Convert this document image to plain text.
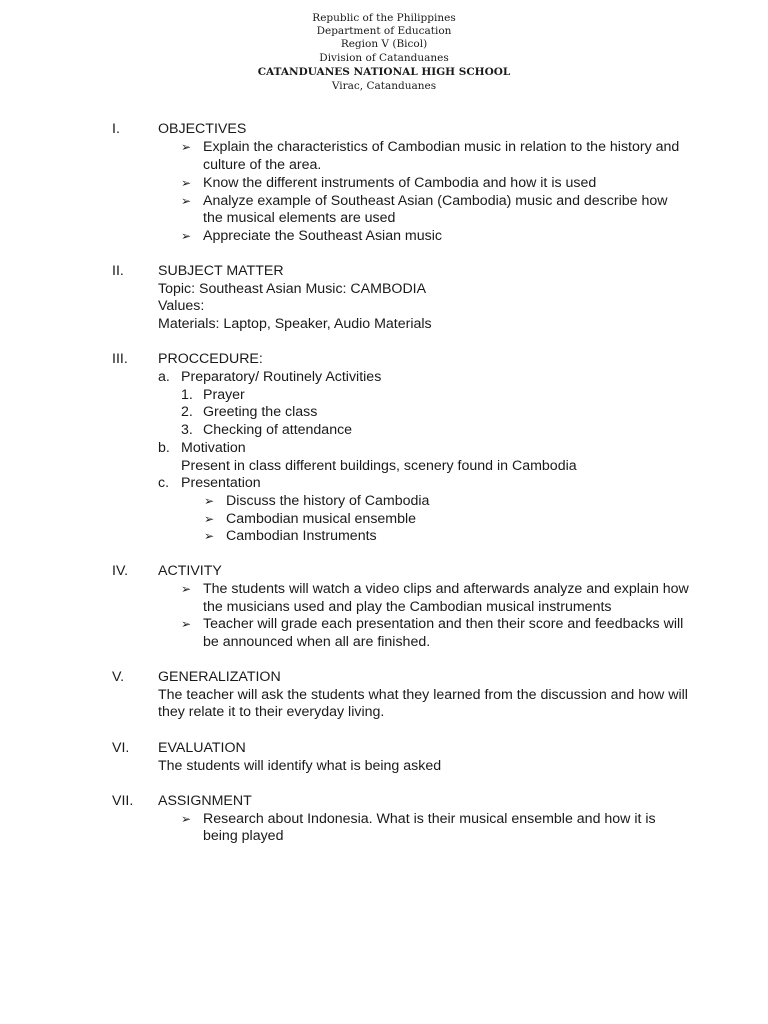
Republic of the Philippines
Department of Education
Region V (Bicol)
Division of Catanduanes
CATANDUANES NATIONAL HIGH SCHOOL
Virac, Catanduanes
I.	OBJECTIVES
➢ Explain the characteristics of Cambodian music in relation to the history and
culture of the area.
➢ Know the different instruments of Cambodia and how it is used
➢ Analyze example of Southeast Asian (Cambodia) music and describe how
the musical elements are used
➢ Appreciate the Southeast Asian music
II. SUBJECT MATTER
Topic: Southeast Asian Music: CAMBODIA
Values:
Materials: Laptop, Speaker, Audio Materials
III. PROCCEDURE:
a. Preparatory/ Routinely Activities
1. Prayer
2. Greeting the class
3. Checking of attendance
b. Motivation
Present in class different buildings, scenery found in Cambodia
c. Presentation
➢ Discuss the history of Cambodia
➢ Cambodian musical ensemble
➢ Cambodian Instruments
IV. ACTIVITY
➢ The students will watch a video clips and afterwards analyze and explain how
the musicians used and play the Cambodian musical instruments
➢ Teacher will grade each presentation and then their score and feedbacks will
be announced when all are finished.
V. GENERALIZATION
The teacher will ask the students what they learned from the discussion and how will
they relate it to their everyday living.
VI. EVALUATION
The students will identify what is being asked
VII. ASSIGNMENT
➢ Research about Indonesia. What is their musical ensemble and how it is
being played
